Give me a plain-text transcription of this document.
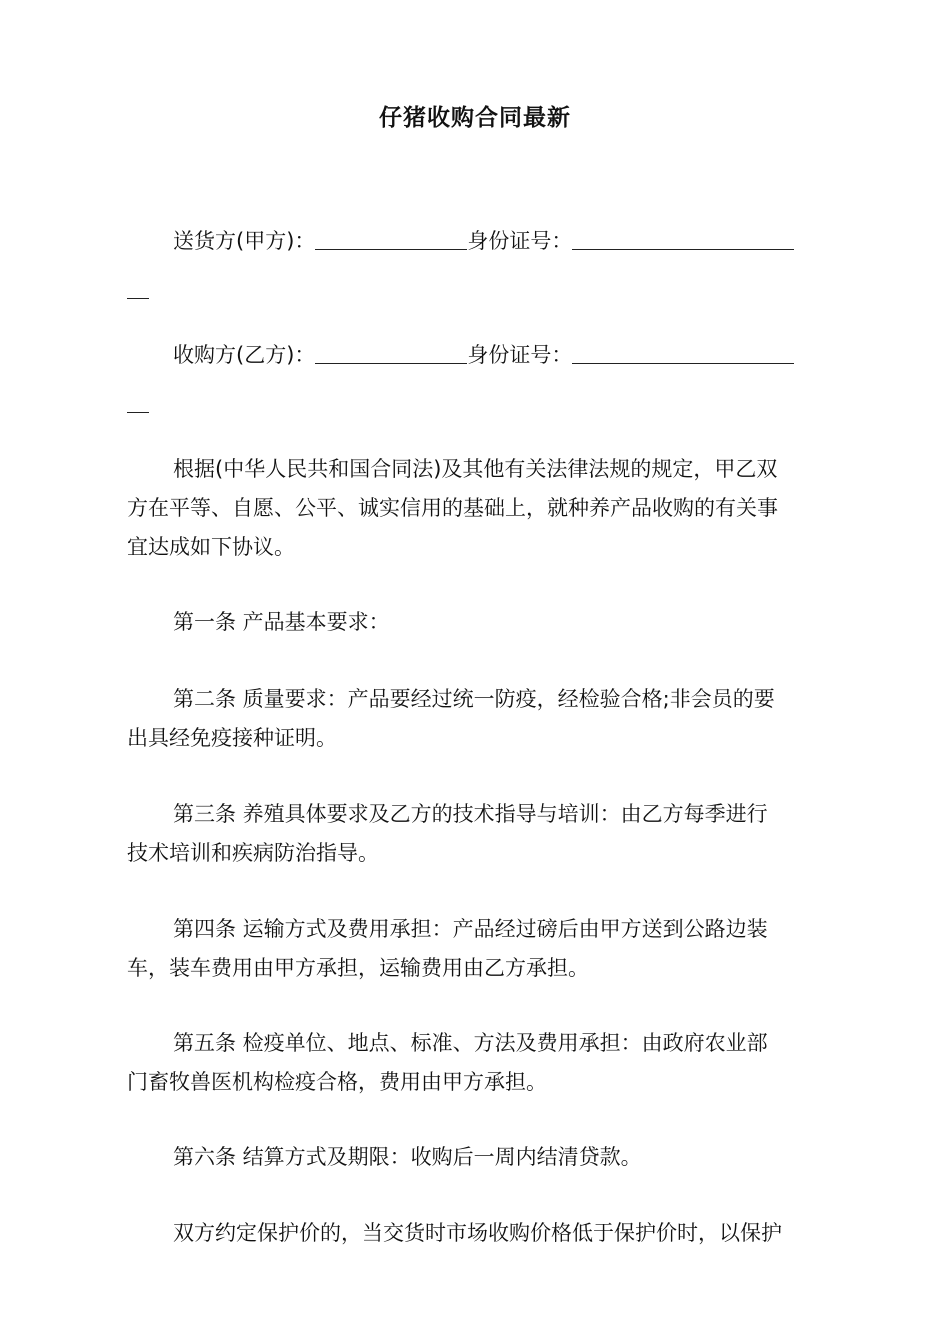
仔猪收购合同最新
送货方(甲方)：	身份证号：
收购方(乙方)：	身份证号：
根据(中华人民共和国合同法)及其他有关法律法规的规定，甲乙双
方在平等、自愿、公平、诚实信用的基础上，就种养产品收购的有关事
宜达成如下协议。
第一条 产品基本要求：
第二条 质量要求：产品要经过统一防疫，经检验合格;非会员的要
出具经免疫接种证明。
第三条 养殖具体要求及乙方的技术指导与培训：由乙方每季进行
技术培训和疾病防治指导。
第四条 运输方式及费用承担：产品经过磅后由甲方送到公路边装
车，装车费用由甲方承担，运输费用由乙方承担。
第五条 检疫单位、地点、标准、方法及费用承担：由政府农业部
门畜牧兽医机构检疫合格，费用由甲方承担。
第六条 结算方式及期限：收购后一周内结清贷款。
双方约定保护价的，当交货时市场收购价格低于保护价时，以保护
